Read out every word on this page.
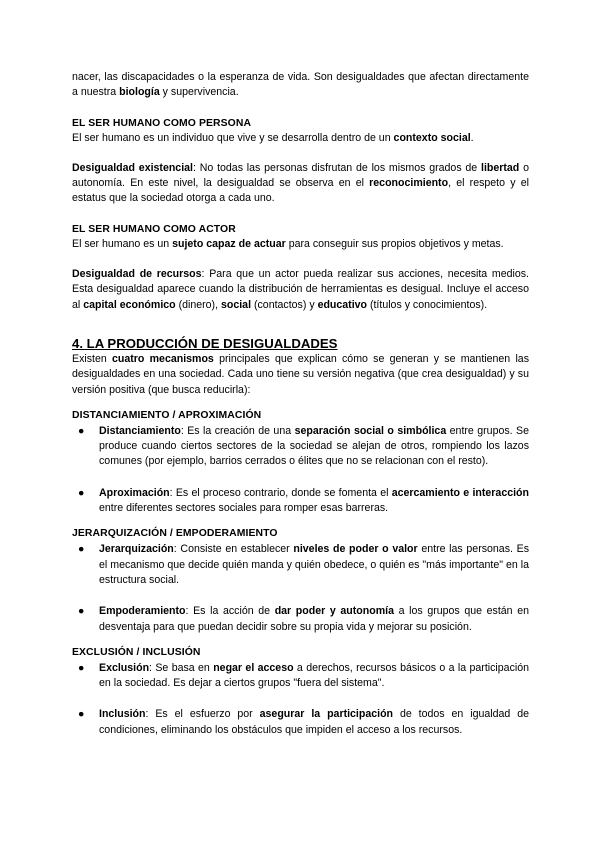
nacer, las discapacidades o la esperanza de vida. Son desigualdades que afectan directamente a nuestra biología y supervivencia.

EL SER HUMANO COMO PERSONA

El ser humano es un individuo que vive y se desarrolla dentro de un contexto social.

Desigualdad existencial: No todas las personas disfrutan de los mismos grados de libertad o autonomía. En este nivel, la desigualdad se observa en el reconocimiento, el respeto y el estatus que la sociedad otorga a cada uno.

EL SER HUMANO COMO ACTOR

El ser humano es un sujeto capaz de actuar para conseguir sus propios objetivos y metas.

Desigualdad de recursos: Para que un actor pueda realizar sus acciones, necesita medios. Esta desigualdad aparece cuando la distribución de herramientas es desigual. Incluye el acceso al capital económico (dinero), social (contactos) y educativo (títulos y conocimientos).

4. LA PRODUCCIÓN DE DESIGUALDADES

Existen cuatro mecanismos principales que explican cómo se generan y se mantienen las desigualdades en una sociedad. Cada uno tiene su versión negativa (que crea desigualdad) y su versión positiva (que busca reducirla):

DISTANCIAMIENTO / APROXIMACIÓN
● Distanciamiento: Es la creación de una separación social o simbólica entre grupos. Se produce cuando ciertos sectores de la sociedad se alejan de otros, rompiendo los lazos comunes (por ejemplo, barrios cerrados o élites que no se relacionan con el resto).
● Aproximación: Es el proceso contrario, donde se fomenta el acercamiento e interacción entre diferentes sectores sociales para romper esas barreras.
JERARQUIZACIÓN / EMPODERAMIENTO
● Jerarquización: Consiste en establecer niveles de poder o valor entre las personas. Es el mecanismo que decide quién manda y quién obedece, o quién es "más importante" en la estructura social.
● Empoderamiento: Es la acción de dar poder y autonomía a los grupos que están en desventaja para que puedan decidir sobre su propia vida y mejorar su posición.
EXCLUSIÓN / INCLUSIÓN
● Exclusión: Se basa en negar el acceso a derechos, recursos básicos o a la participación en la sociedad. Es dejar a ciertos grupos "fuera del sistema".
● Inclusión: Es el esfuerzo por asegurar la participación de todos en igualdad de condiciones, eliminando los obstáculos que impiden el acceso a los recursos.
